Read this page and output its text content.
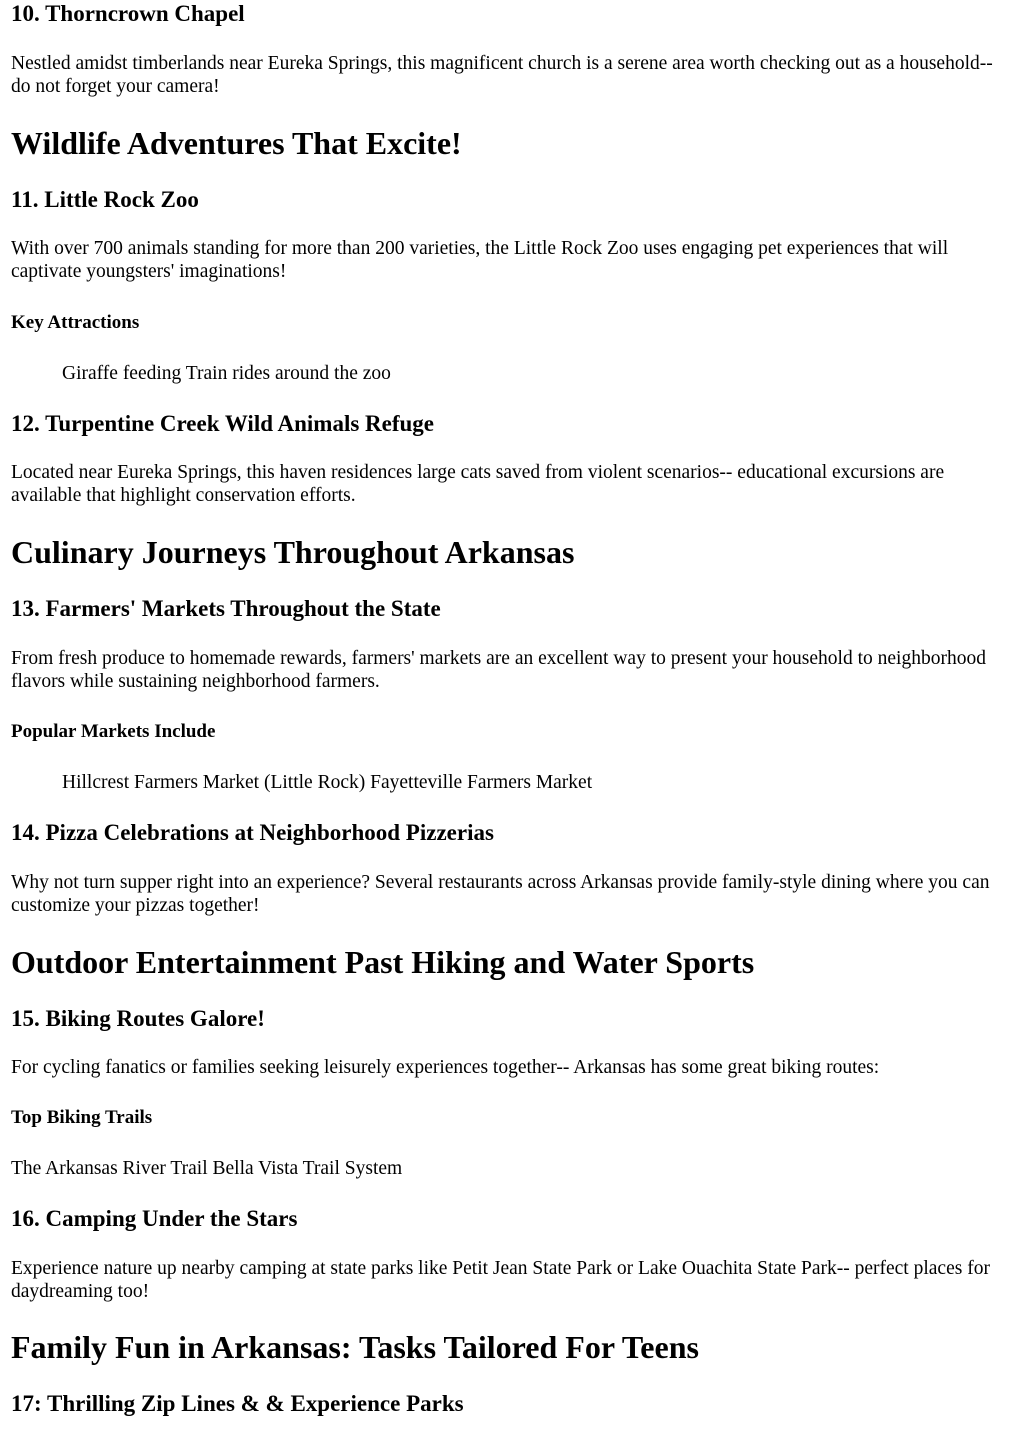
10. Thorncrown Chapel

Nestled amidst timberlands near Eureka Springs, this magnificent church is a serene area worth checking out as a household-- do not forget your camera!

Wildlife Adventures That Excite!
11. Little Rock Zoo

With over 700 animals standing for more than 200 varieties, the Little Rock Zoo uses engaging pet experiences that will captivate youngsters' imaginations!

Key Attractions

Giraffe feeding Train rides around the zoo

12. Turpentine Creek Wild Animals Refuge

Located near Eureka Springs, this haven residences large cats saved from violent scenarios-- educational excursions are available that highlight conservation efforts.

Culinary Journeys Throughout Arkansas
13. Farmers' Markets Throughout the State

From fresh produce to homemade rewards, farmers' markets are an excellent way to present your household to neighborhood flavors while sustaining neighborhood farmers.

Popular Markets Include

Hillcrest Farmers Market (Little Rock) Fayetteville Farmers Market

14. Pizza Celebrations at Neighborhood Pizzerias

Why not turn supper right into an experience? Several restaurants across Arkansas provide family-style dining where you can customize your pizzas together!

Outdoor Entertainment Past Hiking and Water Sports
15. Biking Routes Galore!

For cycling fanatics or families seeking leisurely experiences together-- Arkansas has some great biking routes:

Top Biking Trails

The Arkansas River Trail Bella Vista Trail System

16. Camping Under the Stars

Experience nature up nearby camping at state parks like Petit Jean State Park or Lake Ouachita State Park-- perfect places for daydreaming too!

Family Fun in Arkansas: Tasks Tailored For Teens
17: Thrilling Zip Lines & & Experience Parks
